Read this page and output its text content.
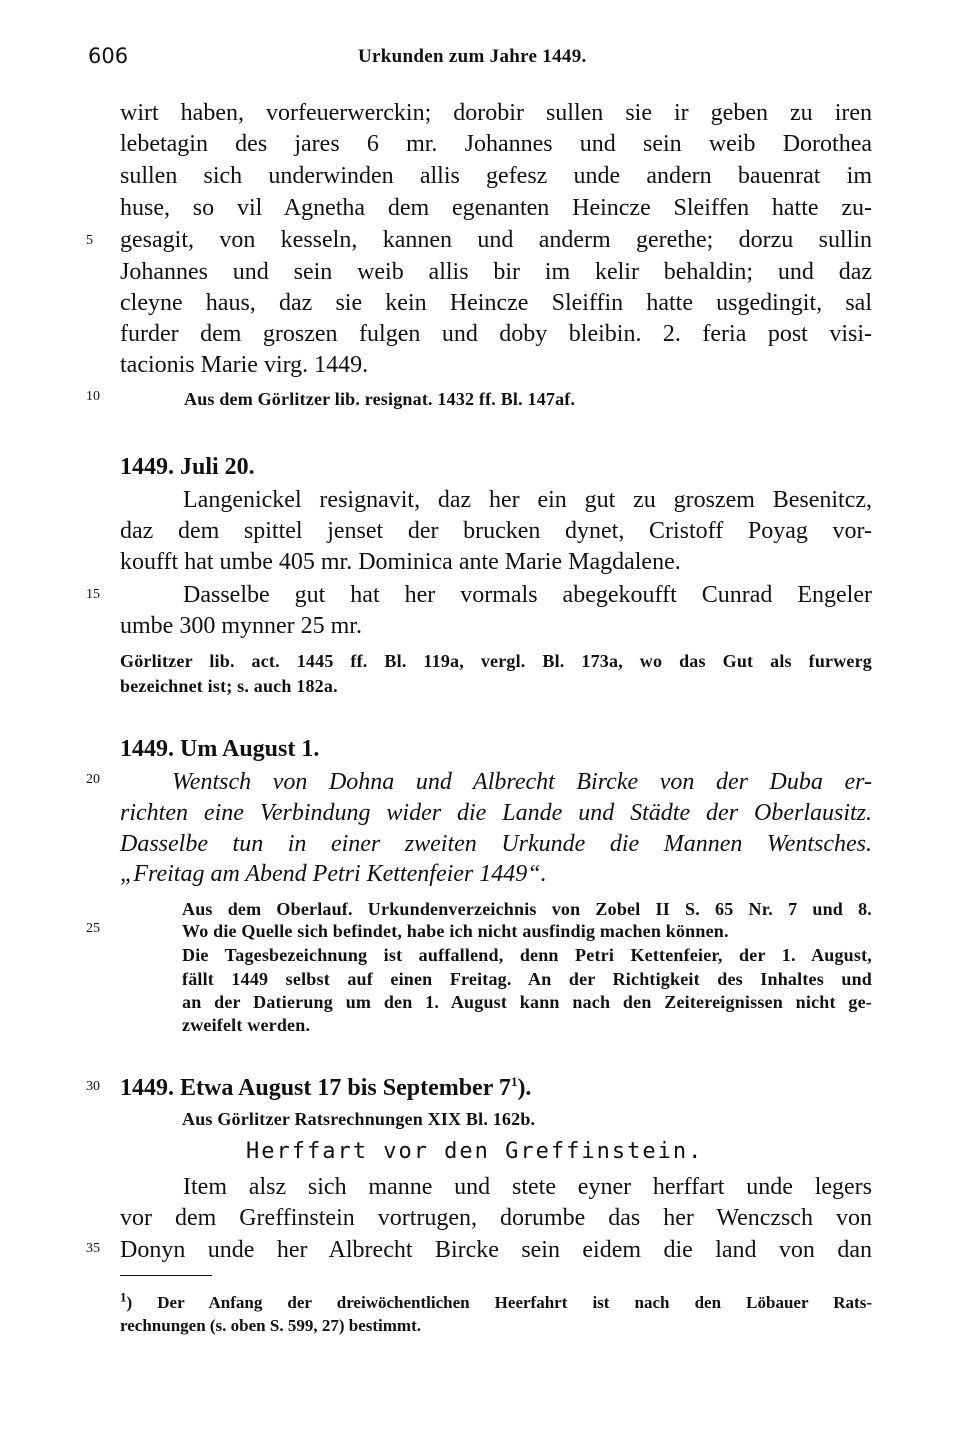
606	Urkunden zum Jahre 1449.
5
10
15
20
25
30
35
wirt haben, vorfeuerwerckin; dorobir sullen sie ir geben zu iren
lebetagin des jares 6 mr. Johannes und sein weib Dorothea
sullen sich underwinden allis gefesz unde andern bauenrat im
huse, so vil Agnetha dem egenanten Heincze Sleiffen hatte zu-
gesagit, von kesseln, kannen und anderm gerethe; dorzu sullin
Johannes und sein weib allis bir im kelir behaldin; und daz
cleyne haus, daz sie kein Heincze Sleiffin hatte usgedingit, sal
furder dem groszen fulgen und doby bleibin. 2. feria post visi-
tacionis Marie virg. 1449.
Aus dem Görlitzer lib. resignat. 1432 ff. Bl. 147af.
1449. Juli 20.
Langenickel resignavit, daz her ein gut zu groszem Besenitcz,
daz dem spittel jenset der brucken dynet, Cristoff Poyag vor-
koufft hat umbe 405 mr. Dominica ante Marie Magdalene.
Dasselbe gut hat her vormals abegekoufft Cunrad Engeler
umbe 300 mynner 25 mr.
Görlitzer lib. act. 1445 ff. Bl. 119a, vergl. Bl. 173a, wo das Gut als furwerg
bezeichnet ist; s. auch 182a.
1449. Um August 1.
Wentsch von Dohna und Albrecht Bircke von der Duba er-
richten eine Verbindung wider die Lande und Städte der Oberlausitz.
Dasselbe tun in einer zweiten Urkunde die Mannen Wentsches.
„Freitag am Abend Petri Kettenfeier 1449“.
Aus dem Oberlauf. Urkundenverzeichnis von Zobel II S. 65 Nr. 7 und 8.
Wo die Quelle sich befindet, habe ich nicht ausfindig machen können.
Die Tagesbezeichnung ist auffallend, denn Petri Kettenfeier, der 1. August,
fällt 1449 selbst auf einen Freitag. An der Richtigkeit des Inhaltes und
an der Datierung um den 1. August kann nach den Zeitereignissen nicht ge-
zweifelt werden.
1449. Etwa August 17 bis September $7^1$).
Aus Görlitzer Ratsrechnungen XIX Bl. 162b.
Herffart vor den Greffinstein.
Item alsz sich manne und stete eyner herffart unde legers
vor dem Greffinstein vortrugen, dorumbe das her Wenczsch von
Donyn unde her Albrecht Bircke sein eidem die land von dan
$^1$) Der Anfang der dreiwöchentlichen Heerfahrt ist nach den Löbauer Rats-
rechnungen (s. oben S. 599, 27) bestimmt.
